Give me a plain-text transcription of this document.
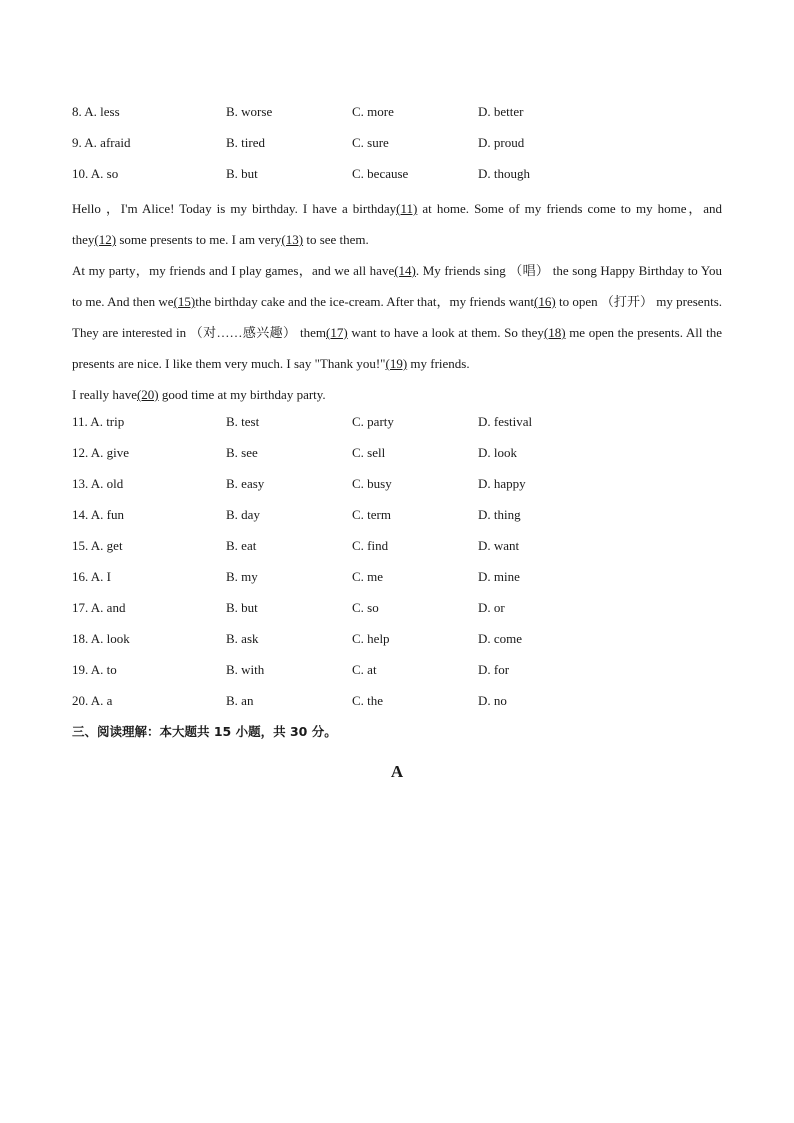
8. A. less	B. worse	C. more	D. better
9. A. afraid	B. tired	C. sure	D. proud
10. A. so	B. but	C. because	D. though

Hello ，I'm Alice! Today is my birthday. I have a birthday(11) at home. Some of my friends come to my home，and they(12) some presents to me. I am very(13) to see them.

At my party，my friends and I play games，and we all have(14). My friends sing （唱） the song Happy Birthday to You to me. And then we(15)the birthday cake and the ice-cream. After that，my friends want(16) to open （打开） my presents. They are interested in （对……感兴趣） them(17) want to have a look at them. So they(18) me open the presents. All the presents are nice. I like them very much. I say "Thank you!"(19) my friends.

I really have(20) good time at my birthday party.

11. A. trip	B. test	C. party	D. festival
12. A. give	B. see	C. sell	D. look
13. A. old	B. easy	C. busy	D. happy
14. A. fun	B. day	C. term	D. thing
15. A. get	B. eat	C. find	D. want
16. A. I	B. my	C. me	D. mine
17. A. and	B. but	C. so	D. or
18. A. look	B. ask	C. help	D. come
19. A. to	B. with	C. at	D. for
20. A. a	B. an	C. the	D. no
三、阅读理解：本大题共 15 小题，共 30 分。
A
